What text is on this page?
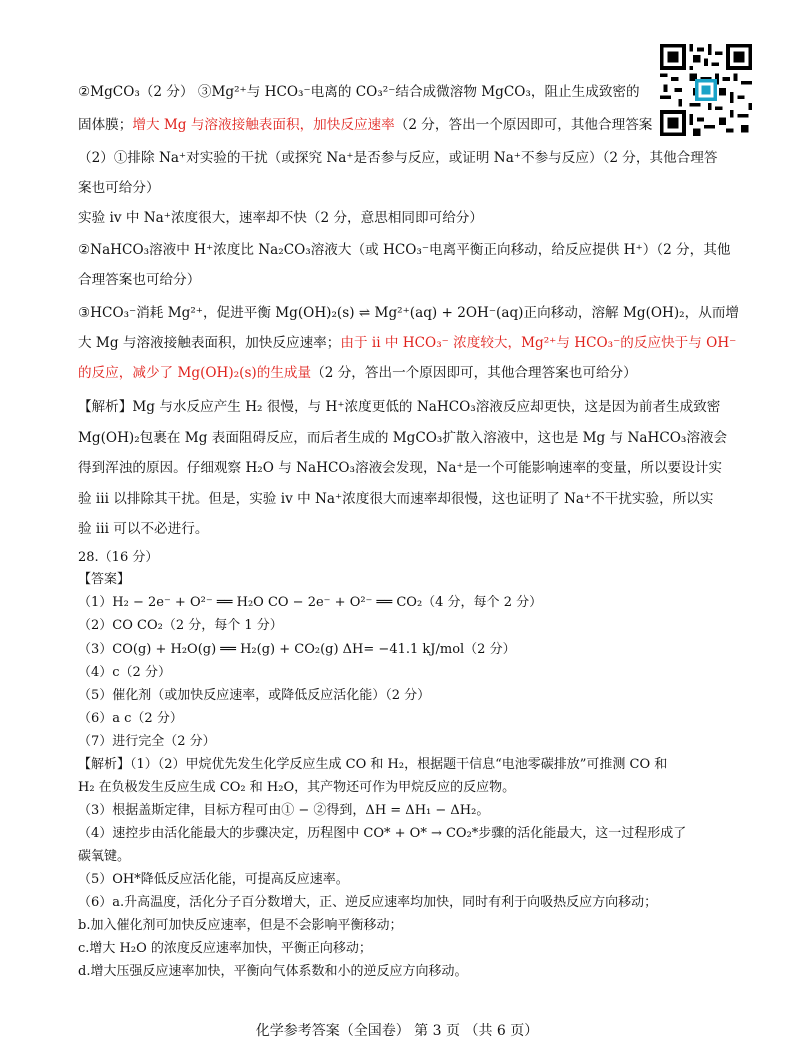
②MgCO₃（2 分） ③Mg²⁺与 HCO₃⁻电离的 CO₃²⁻结合成微溶物 MgCO₃，阻止生成致密的
固体膜；增大 Mg 与溶液接触表面积，加快反应速率（2 分，答出一个原因即可，其他合理答案
（2）①排除 Na⁺对实验的干扰（或探究 Na⁺是否参与反应，或证明 Na⁺不参与反应）（2 分，其他合理答
案也可给分）
实验 iv 中 Na⁺浓度很大，速率却不快（2 分，意思相同即可给分）
②NaHCO₃溶液中 H⁺浓度比 Na₂CO₃溶液大（或 HCO₃⁻电离平衡正向移动，给反应提供 H⁺）（2 分，其他
合理答案也可给分）
③HCO₃⁻消耗 Mg²⁺，促进平衡 Mg(OH)₂(s) ⇌ Mg²⁺(aq) + 2OH⁻(aq)正向移动，溶解 Mg(OH)₂，从而增
大 Mg 与溶液接触表面积，加快反应速率；由于 ii 中 HCO₃⁻ 浓度较大，Mg²⁺与 HCO₃⁻的反应快于与 OH⁻
的反应，减少了 Mg(OH)₂(s)的生成量（2 分，答出一个原因即可，其他合理答案也可给分）
【解析】Mg 与水反应产生 H₂ 很慢，与 H⁺浓度更低的 NaHCO₃溶液反应却更快，这是因为前者生成致密
Mg(OH)₂包裹在 Mg 表面阻碍反应，而后者生成的 MgCO₃扩散入溶液中，这也是 Mg 与 NaHCO₃溶液会
得到浑浊的原因。仔细观察 H₂O 与 NaHCO₃溶液会发现，Na⁺是一个可能影响速率的变量，所以要设计实
验 iii 以排除其干扰。但是，实验 iv 中 Na⁺浓度很大而速率却很慢，这也证明了 Na⁺不干扰实验，所以实
验 iii 可以不必进行。
28.（16 分）
【答案】
（1）H₂ − 2e⁻ + O²⁻ ══ H₂O CO − 2e⁻ + O²⁻ ══ CO₂（4 分，每个 2 分）
（2）CO CO₂（2 分，每个 1 分）
（3）CO(g) + H₂O(g) ══ H₂(g) + CO₂(g) ΔH= −41.1 kJ/mol（2 分）
（4）c（2 分）
（5）催化剂（或加快反应速率，或降低反应活化能）（2 分）
（6）a c（2 分）
（7）进行完全（2 分）
【解析】（1）（2）甲烷优先发生化学反应生成 CO 和 H₂，根据题干信息“电池零碳排放”可推测 CO 和
H₂ 在负极发生反应生成 CO₂ 和 H₂O，其产物还可作为甲烷反应的反应物。
（3）根据盖斯定律，目标方程可由① − ②得到，ΔH = ΔH₁ − ΔH₂。
（4）速控步由活化能最大的步骤决定，历程图中 CO* + O* → CO₂*步骤的活化能最大，这一过程形成了
碳氧键。
（5）OH*降低反应活化能，可提高反应速率。
（6）a.升高温度，活化分子百分数增大，正、逆反应速率均加快，同时有利于向吸热反应方向移动；
b.加入催化剂可加快反应速率，但是不会影响平衡移动；
c.增大 H₂O 的浓度反应速率加快，平衡正向移动；
d.增大压强反应速率加快，平衡向气体系数和小的逆反应方向移动。
化学参考答案（全国卷） 第 3 页 （共 6 页）
